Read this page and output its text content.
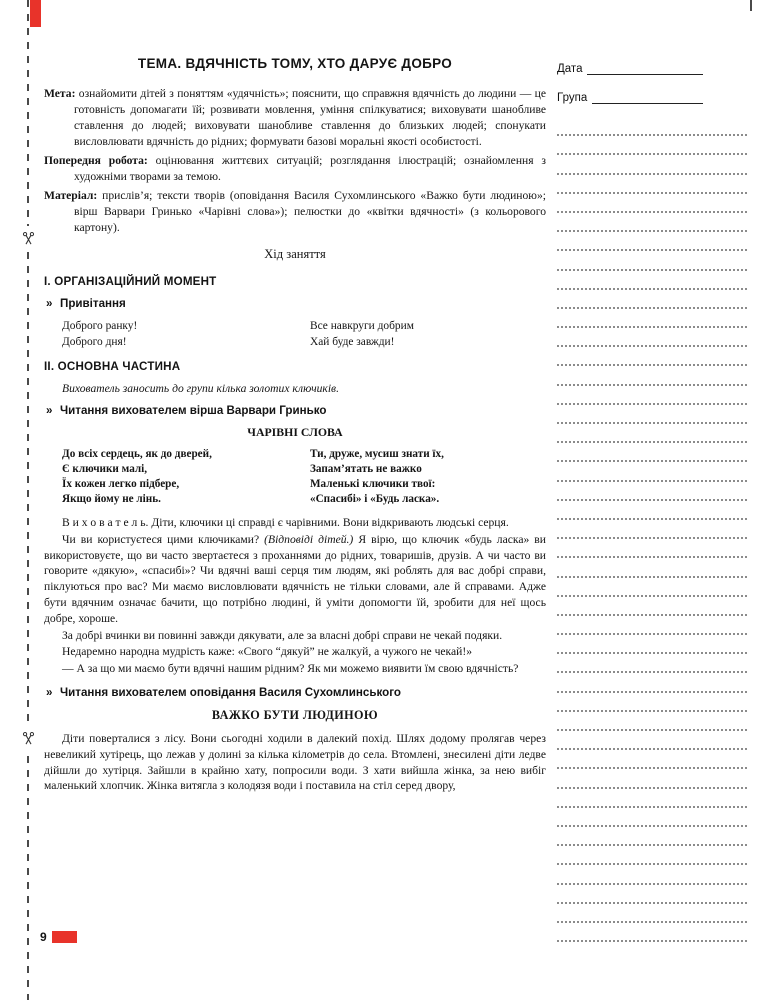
ТЕМА. ВДЯЧНІСТЬ ТОМУ, ХТО ДАРУЄ ДОБРО

Мета: ознайомити дітей з поняттям «удячність»; пояснити, що справжня вдячність до людини — це готовність допомагати їй; розвивати мовлення, уміння спілкуватися; виховувати шанобливе ставлення до людей; виховувати шанобливе ставлення до близьких людей; спонукати висловлювати вдячність до рідних; формувати базові моральні якості особистості.

Попередня робота: оцінювання життєвих ситуацій; розглядання ілюстрацій; ознайомлення з художніми творами за темою.

Матеріал: прислів’я; тексти творів (оповідання Василя Сухомлинського «Важко бути людиною»; вірш Варвари Гринько «Чарівні слова»); пелюстки до «квітки вдячності» (з кольорового картону).

Хід заняття

І. ОРГАНІЗАЦІЙНИЙ МОМЕНТ

» Привітання

Доброго ранку!
Доброго дня!
Все навкруги добрим
Хай буде завжди!

ІІ. ОСНОВНА ЧАСТИНА

Вихователь заносить до групи кілька золотих ключиків.

» Читання вихователем вірша Варвари Гринько

ЧАРІВНІ СЛОВА

До всіх сердець, як до дверей,
Є ключики малі,
Їх кожен легко підбере,
Якщо йому не лінь.
Ти, друже, мусиш знати їх,
Запам’ятать не важко
Маленькі ключики твої:
«Спасибі» і «Будь ласка».

В и х о в а т е л ь. Діти, ключики ці справді є чарівними. Вони відкривають людські серця.

Чи ви користуєтеся цими ключиками? (Відповіді дітей.) Я вірю, що ключик «будь ласка» ви використовуєте, що ви часто звертаєтеся з проханнями до рідних, товаришів, друзів. А чи часто ви говорите «дякую», «спасибі»? Чи вдячні ваші серця тим людям, які роблять для вас добрі справи, піклуються про вас? Ми маємо висловлювати вдячність не тільки словами, але й справами. Адже бути вдячним означає бачити, що потрібно людині, й уміти допомогти їй, зробити для неї щось добре, хороше.

За добрі вчинки ви повинні завжди дякувати, але за власні добрі справи не чекай подяки.

Недаремно народна мудрість каже: «Свого “дякуй” не жалкуй, а чужого не чекай!»

— А за що ми маємо бути вдячні нашим рідним? Як ми можемо виявити їм свою вдячність?

» Читання вихователем оповідання Василя Сухомлинського

ВАЖКО БУТИ ЛЮДИНОЮ

Діти поверталися з лісу. Вони сьогодні ходили в далекий похід. Шлях додому пролягав через невеликий хутірець, що лежав у долині за кілька кілометрів до села. Втомлені, знесилені діти ледве дійшли до хутірця. Зайшли в крайню хату, попросили води. З хати вийшла жінка, за нею вибіг маленький хлопчик. Жінка витягла з колодязя води і поставила на стіл серед двору,

Дата
Група
9
